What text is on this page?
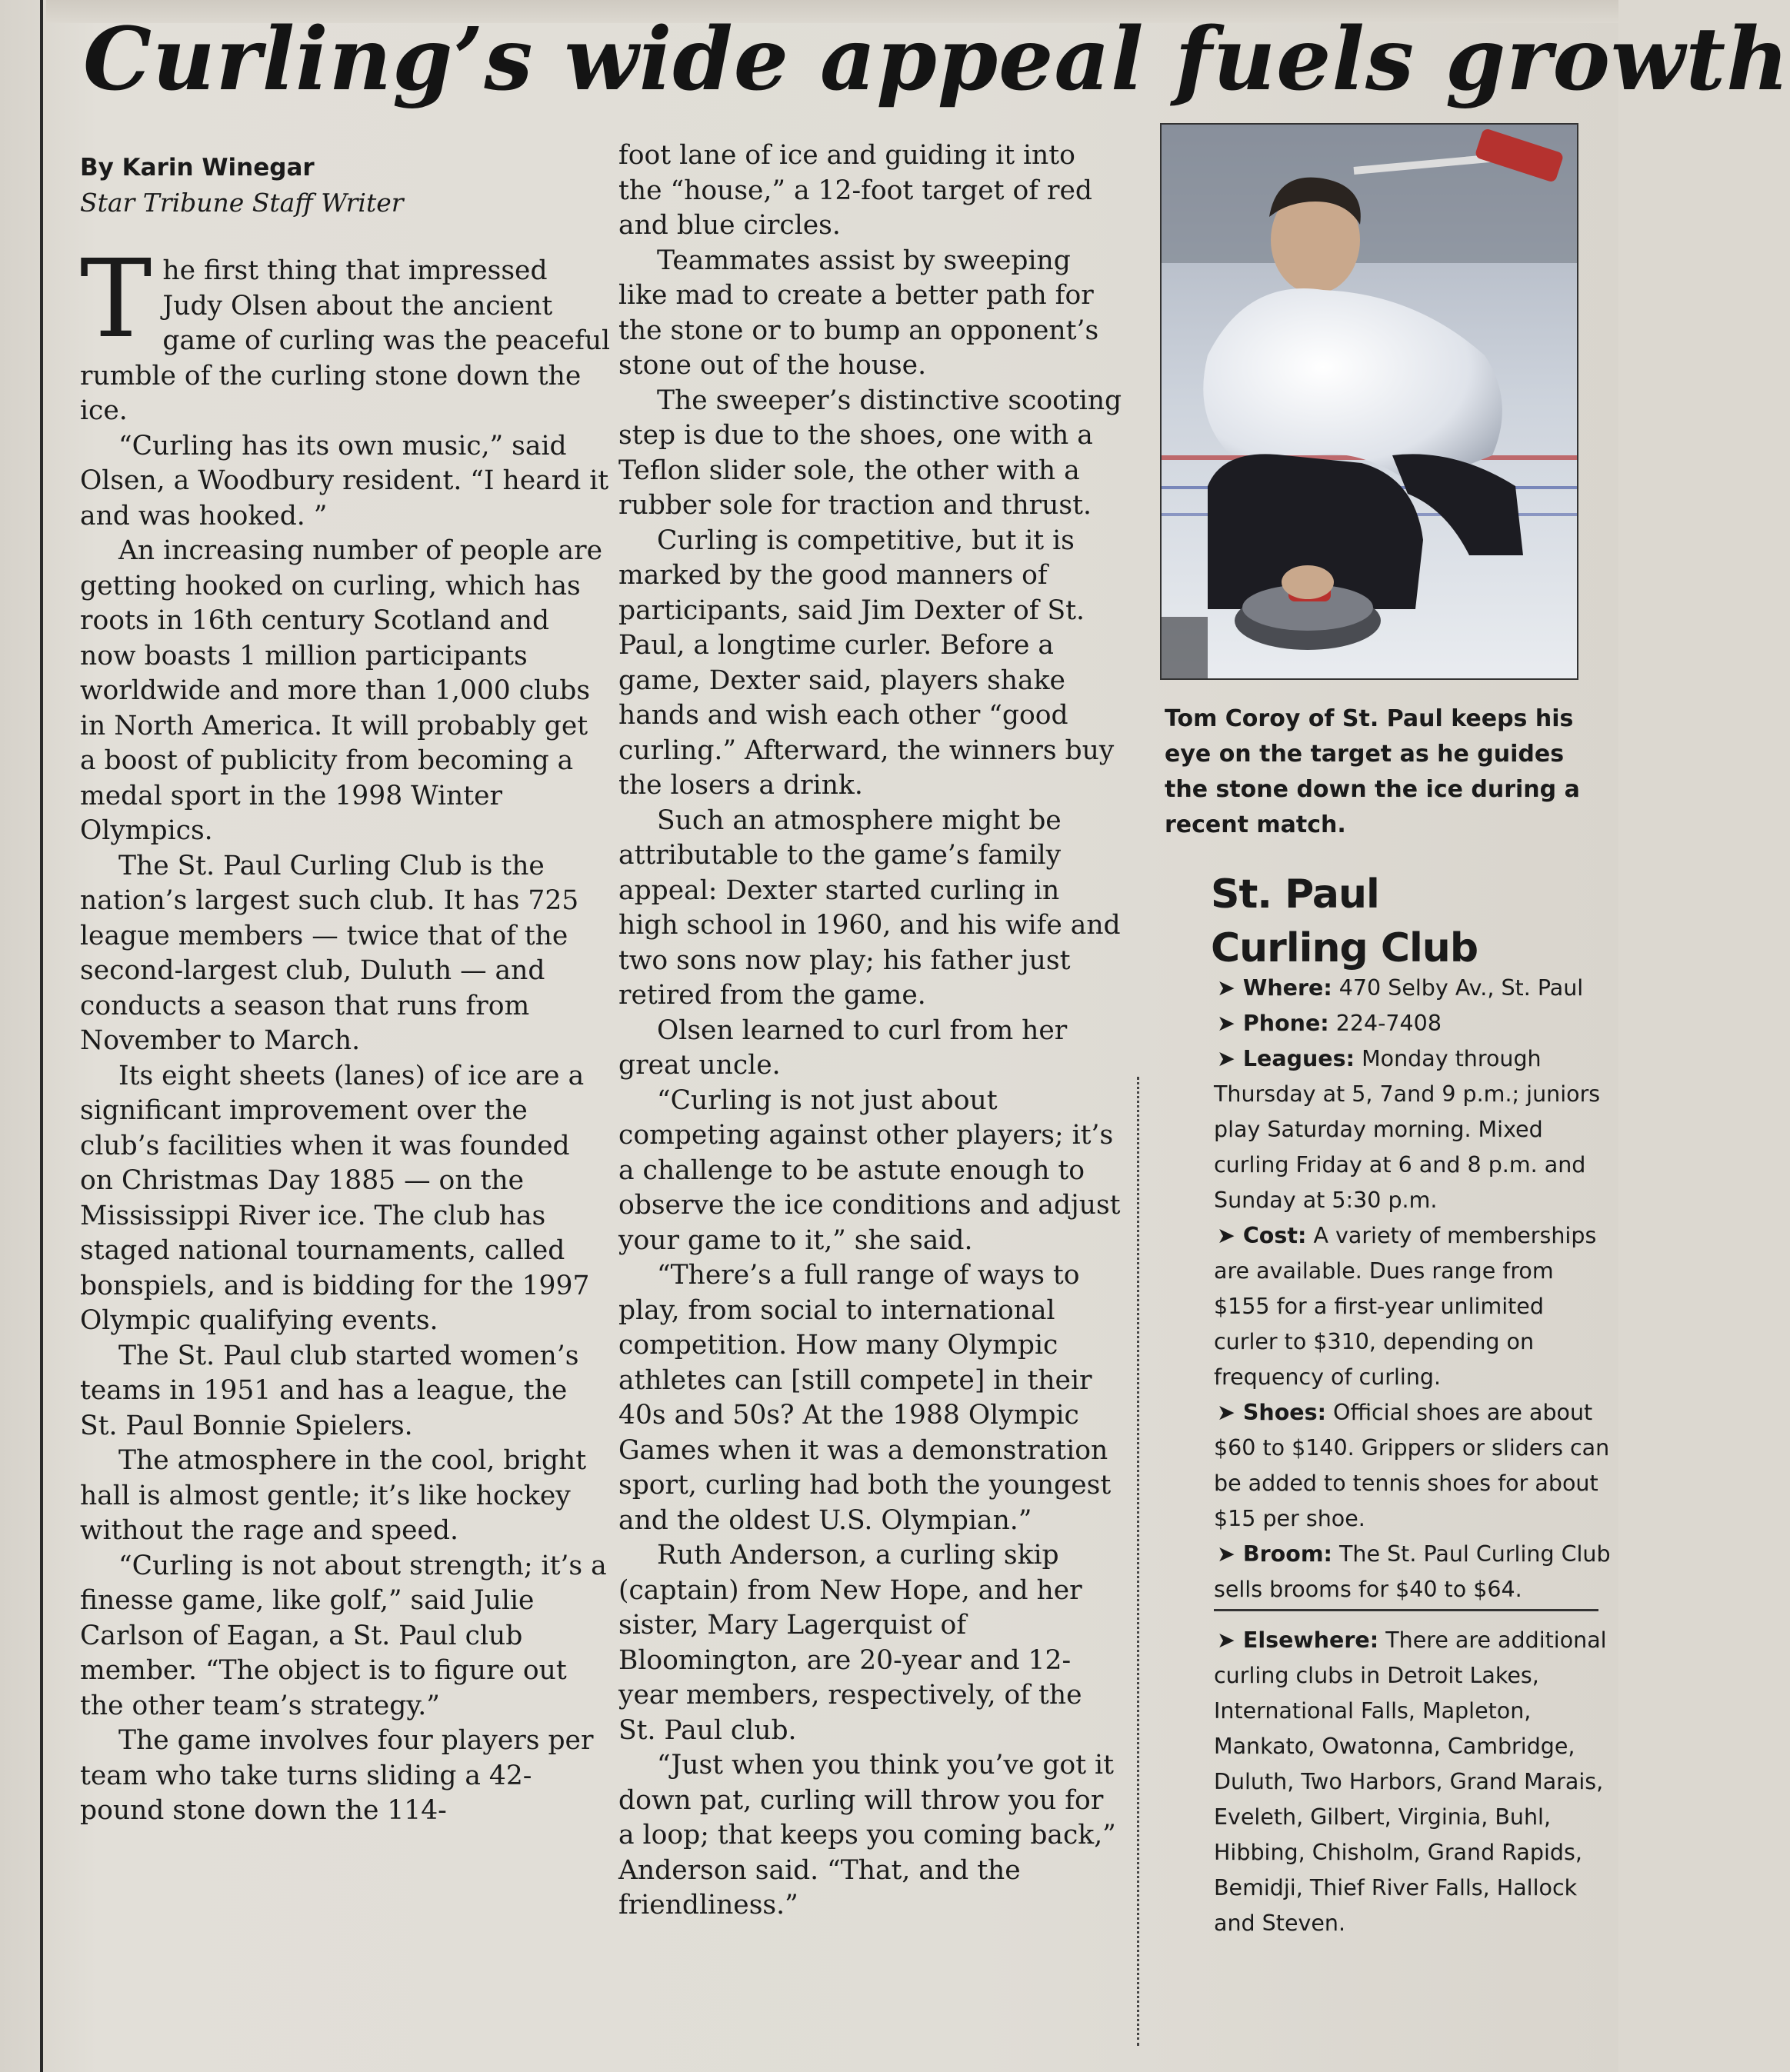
Curling’s wide appeal fuels growth
By Karin Winegar
Star Tribune Staff Writer

The first thing that impressed Judy Olsen about the ancient game of curling was the peaceful rumble of the curling stone down the ice.

“Curling has its own music,” said Olsen, a Woodbury resident. “I heard it and was hooked. ”

An increasing number of people are getting hooked on curling, which has roots in 16th century Scotland and now boasts 1 million participants worldwide and more than 1,000 clubs in North America. It will probably get a boost of publicity from becoming a medal sport in the 1998 Winter Olympics.

The St. Paul Curling Club is the nation’s largest such club. It has 725 league members — twice that of the second-largest club, Duluth — and conducts a season that runs from November to March.

Its eight sheets (lanes) of ice are a significant improvement over the club’s facilities when it was founded on Christmas Day 1885 — on the Mississippi River ice. The club has staged national tournaments, called bonspiels, and is bidding for the 1997 Olympic qualifying events.

The St. Paul club started women’s teams in 1951 and has a league, the St. Paul Bonnie Spielers.

The atmosphere in the cool, bright hall is almost gentle; it’s like hockey without the rage and speed.

“Curling is not about strength; it’s a finesse game, like golf,” said Julie Carlson of Eagan, a St. Paul club member. “The object is to figure out the other team’s strategy.”

The game involves four players per team who take turns sliding a 42-pound stone down the 114-

foot lane of ice and guiding it into the “house,” a 12-foot target of red and blue circles.

Teammates assist by sweeping like mad to create a better path for the stone or to bump an opponent’s stone out of the house.

The sweeper’s distinctive scooting step is due to the shoes, one with a Teflon slider sole, the other with a rubber sole for traction and thrust.

Curling is competitive, but it is marked by the good manners of participants, said Jim Dexter of St. Paul, a longtime curler. Before a game, Dexter said, players shake hands and wish each other “good curling.” Afterward, the winners buy the losers a drink.

Such an atmosphere might be attributable to the game’s family appeal: Dexter started curling in high school in 1960, and his wife and two sons now play; his father just retired from the game.

Olsen learned to curl from her great uncle.

“Curling is not just about competing against other players; it’s a challenge to be astute enough to observe the ice conditions and adjust your game to it,” she said.

“There’s a full range of ways to play, from social to international competition. How many Olympic athletes can [still compete] in their 40s and 50s? At the 1988 Olympic Games when it was a demonstration sport, curling had both the youngest and the oldest U.S. Olympian.”

Ruth Anderson, a curling skip (captain) from New Hope, and her sister, Mary Lagerquist of Bloomington, are 20-year and 12-year members, respectively, of the St. Paul club.

“Just when you think you’ve got it down pat, curling will throw you for a loop; that keeps you coming back,” Anderson said. “That, and the friendliness.”

Tom Coroy of St. Paul keeps his eye on the target as he guides the stone down the ice during a recent match.
St. Paul
Curling Club

➤ Where: 470 Selby Av., St. Paul

➤ Phone: 224-7408

➤ Leagues: Monday through Thursday at 5, 7and 9 p.m.; juniors play Saturday morning. Mixed curling Friday at 6 and 8 p.m. and Sunday at 5:30 p.m.

➤ Cost: A variety of memberships are available. Dues range from $155 for a first-year unlimited curler to $310, depending on frequency of curling.

➤ Shoes: Official shoes are about $60 to $140. Grippers or sliders can be added to tennis shoes for about $15 per shoe.

➤ Broom: The St. Paul Curling Club sells brooms for $40 to $64.

➤ Elsewhere: There are additional curling clubs in Detroit Lakes, International Falls, Mapleton, Mankato, Owatonna, Cambridge, Duluth, Two Harbors, Grand Marais, Eveleth, Gilbert, Virginia, Buhl, Hibbing, Chisholm, Grand Rapids, Bemidji, Thief River Falls, Hallock and Steven.
